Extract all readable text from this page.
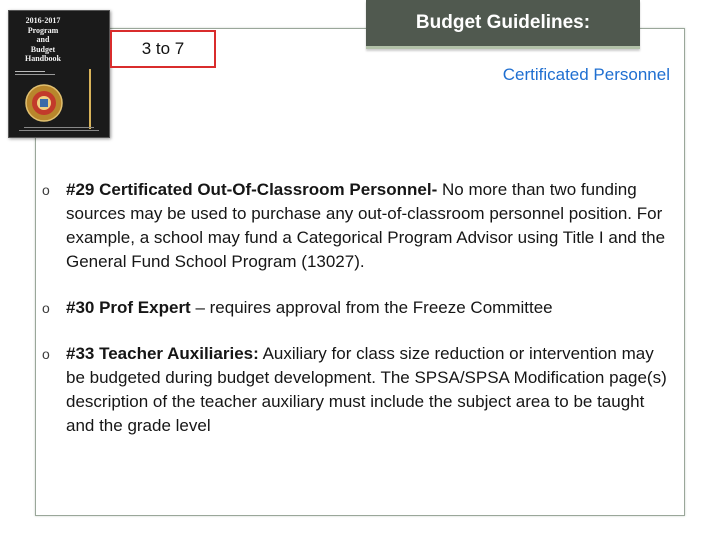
2016-2017
Program
and
Budget
Handbook
3 to 7
Budget Guidelines:
Certificated Personnel
o #29 Certificated Out-Of-Classroom Personnel- No more than two funding sources may be used to purchase any out-of-classroom personnel position. For example, a school may fund a Categorical Program Advisor using Title I and the General Fund School Program (13027).
o #30 Prof Expert – requires approval from the Freeze Committee
o #33 Teacher Auxiliaries: Auxiliary for class size reduction or intervention may be budgeted during budget development. The SPSA/SPSA Modification page(s) description of the teacher auxiliary must include the subject area to be taught and the grade level
